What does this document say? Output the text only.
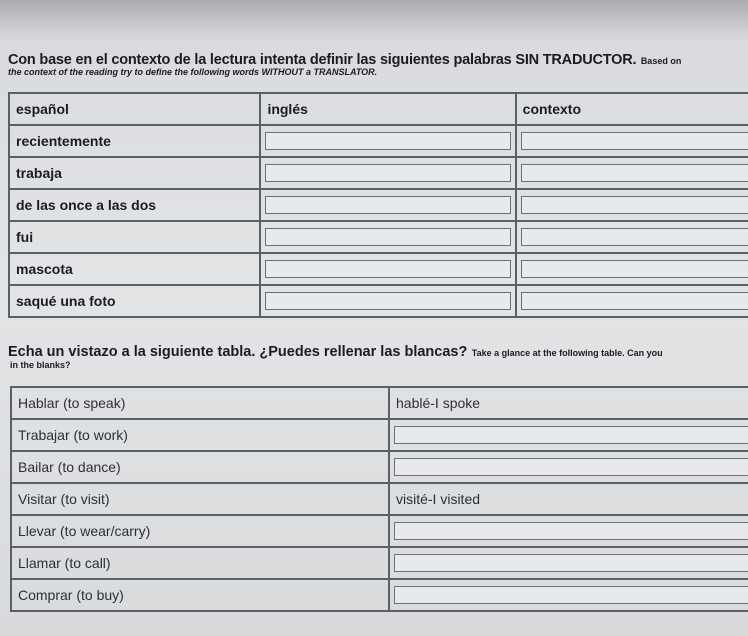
Con base en el contexto de la lectura intenta definir las siguientes palabras SIN TRADUCTOR. Based on
the context of the reading try to define the following words WITHOUT a TRANSLATOR.
español	inglés	contexto
recientemente	

trabaja	

de las once a las dos	

fui	

mascota	

saqué una foto	

Echa un vistazo a la siguiente tabla. ¿Puedes rellenar las blancas? Take a glance at the following table. Can you
in the blanks?
Hablar (to speak)	hablé-I spoke
Trabajar (to work)	

Bailar (to dance)	

Visitar (to visit)	visité-I visited
Llevar (to wear/carry)	

Llamar (to call)	

Comprar (to buy)	
